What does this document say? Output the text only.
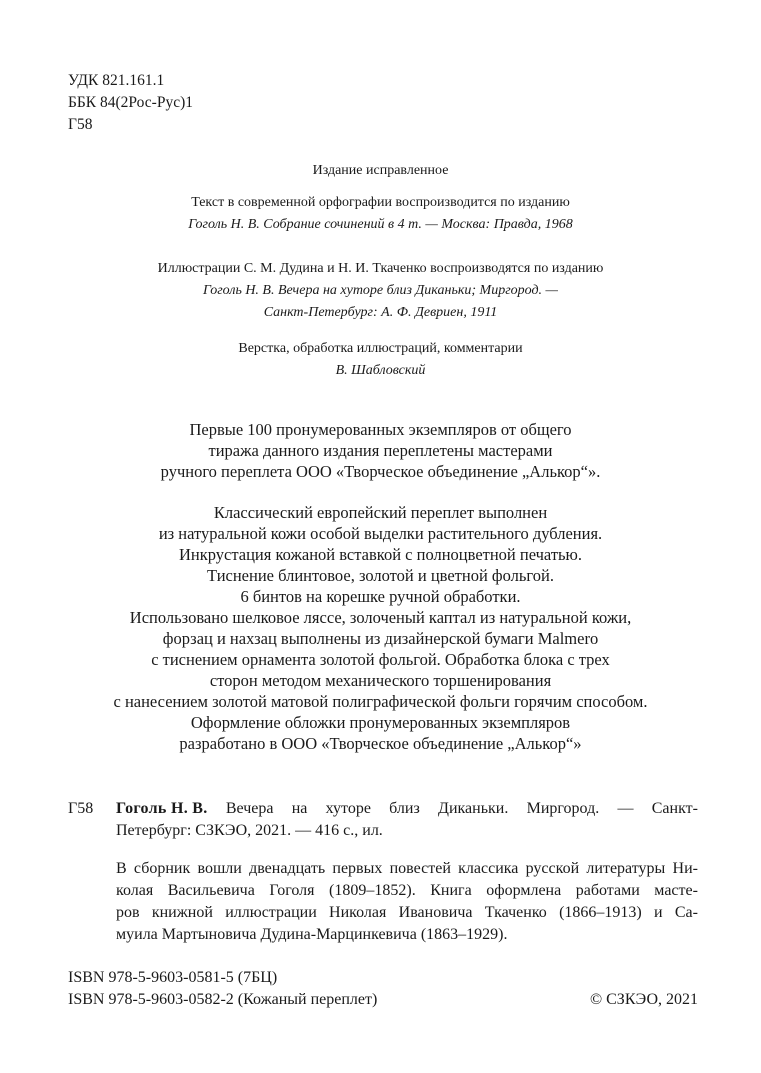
УДК 821.161.1
ББК 84(2Рос-Рус)1
Г58
Издание исправленное
Текст в современной орфографии воспроизводится по изданию
Гоголь Н. В. Собрание сочинений в 4 т. — Москва: Правда, 1968
Иллюстрации С. М. Дудина и Н. И. Ткаченко воспроизводятся по изданию
Гоголь Н. В. Вечера на хуторе близ Диканьки; Миргород. —
Санкт-Петербург: А. Ф. Девриен, 1911
Верстка, обработка иллюстраций, комментарии
В. Шабловский
Первые 100 пронумерованных экземпляров от общего
тиража данного издания переплетены мастерами
ручного переплета ООО «Творческое объединение „Алькор“».
Классический европейский переплет выполнен
из натуральной кожи особой выделки растительного дубления.
Инкрустация кожаной вставкой с полноцветной печатью.
Тиснение блинтовое, золотой и цветной фольгой.
6 бинтов на корешке ручной обработки.
Использовано шелковое ляссе, золоченый каптал из натуральной кожи,
форзац и нахзац выполнены из дизайнерской бумаги Malmero
с тиснением орнамента золотой фольгой. Обработка блока с трех
сторон методом механического торшенирования
с нанесением золотой матовой полиграфической фольги горячим способом.
Оформление обложки пронумерованных экземпляров
разработано в ООО «Творческое объединение „Алькор“»
Г58 Гоголь Н. В. Вечера на хуторе близ Диканьки. Миргород. — Санкт-
Петербург: СЗКЭО, 2021. — 416 с., ил.
В сборник вошли двенадцать первых повестей классика русской литературы Ни-
колая Васильевича Гоголя (1809–1852). Книга оформлена работами масте-
ров книжной иллюстрации Николая Ивановича Ткаченко (1866–1913) и Са-
муила Мартыновича Дудина-Марцинкевича (1863–1929).
ISBN 978-5-9603-0581-5 (7БЦ)
ISBN 978-5-9603-0582-2 (Кожаный переплет)	© СЗКЭО, 2021
